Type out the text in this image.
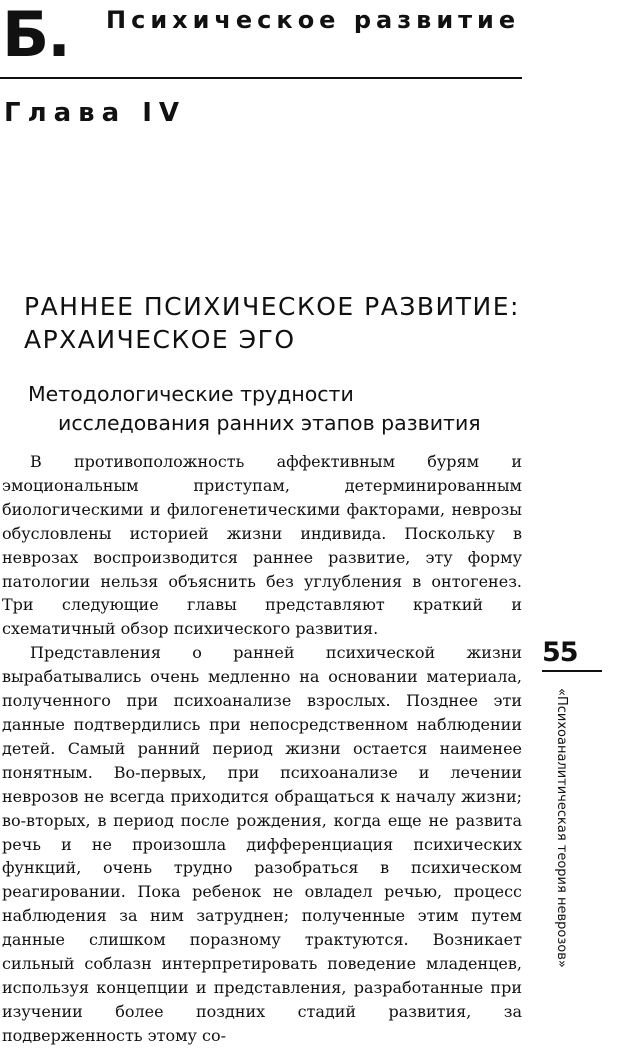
Б. Психическое развитие
Глава IV
РАННЕЕ ПСИХИЧЕСКОЕ РАЗВИТИЕ: АРХАИЧЕСКОЕ ЭГО
Методологические трудности
исследования ранних этапов развития

В противоположность аффективным бурям и эмоциональным приступам, детерминированным биологическими и филогенетическими факторами, неврозы обусловлены историей жизни индивида. Поскольку в неврозах воспроизводится раннее развитие, эту форму патологии нельзя объяснить без углубления в онтогенез. Три следующие главы представляют краткий и схематичный обзор психического развития.

Представления о ранней психической жизни вырабатывались очень медленно на основании материала, полученного при психоанализе взрослых. Позднее эти данные подтвердились при непосредственном наблюдении детей. Самый ранний период жизни остается наименее понятным. Во-первых, при психоанализе и лечении неврозов не всегда приходится обращаться к началу жизни; во-вторых, в период после рождения, когда еще не развита речь и не произошла дифференциация психических функций, очень трудно разобраться в психическом реагировании. Пока ребенок не овладел речью, процесс наблюдения за ним затруднен; полученные этим путем данные слишком поразному трактуются. Возникает сильный соблазн интерпретировать поведение младенцев, используя концепции и представления, разработанные при изучении более поздних стадий развития, за подверженность этому со-

55
«Психоаналитическая теория неврозов»
